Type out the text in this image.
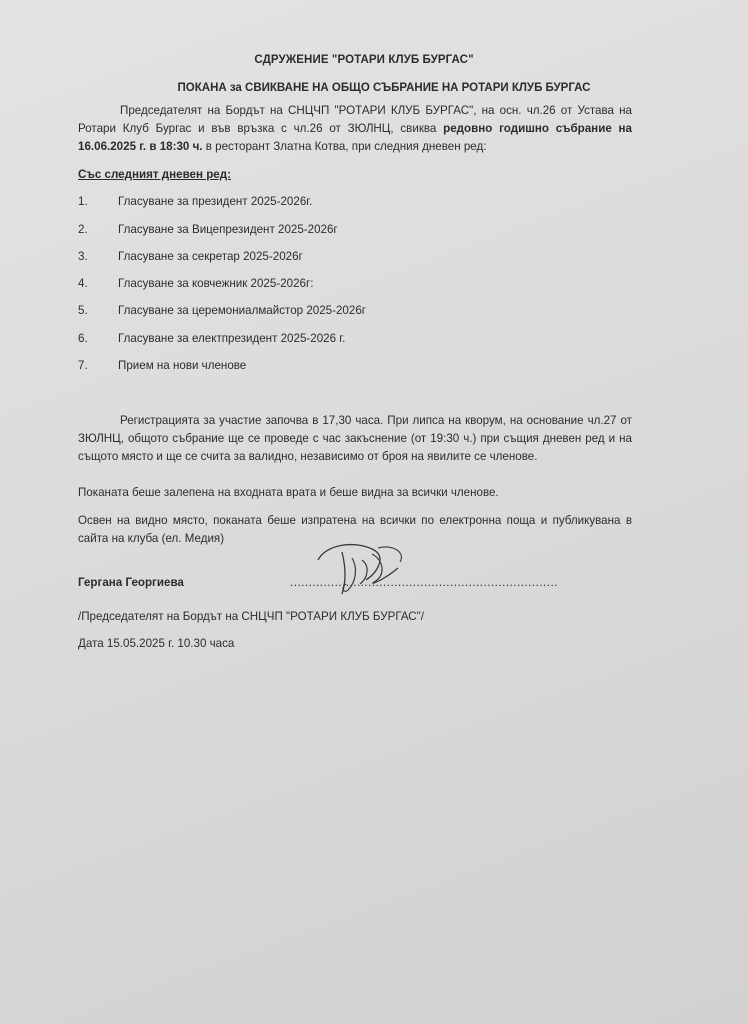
СДРУЖЕНИЕ "РОТАРИ КЛУБ БУРГАС"
ПОКАНА за СВИКВАНЕ НА ОБЩО СЪБРАНИЕ НА РОТАРИ КЛУБ БУРГАС

Председателят на Бордът на СНЦЧП "РОТАРИ КЛУБ БУРГАС", на осн. чл.26 от Устава на Ротари Клуб Бургас и във връзка с чл.26 от ЗЮЛНЦ, свиква редовно годишно събрание на 16.06.2025 г. в 18:30 ч. в ресторант Златна Котва, при следния дневен ред:

Със следният дневен ред:
1.	Гласуване за президент 2025-2026г.
2.	Гласуване за Вицепрезидент 2025-2026г
3.	Гласуване за секретар 2025-2026г
4.	Гласуване за ковчежник 2025-2026г:
5.	Гласуване за церемониалмайстор 2025-2026г
6.	Гласуване за електпрезидент 2025-2026 г.
7.	Прием на нови членове

Регистрацията за участие започва в 17,30 часа. При липса на кворум, на основание чл.27 от ЗЮЛНЦ, общото събрание ще се проведе с час закъснение (от 19:30 ч.) при същия дневен ред и на същото място и ще се счита за валидно, независимо от броя на явилите се членове.

Поканата беше залепена на входната врата и беше видна за всички членове.

Освен на видно място, поканата беше изпратена на всички по електронна поща и публикувана в сайта на клуба (ел. Медия)

Гергана Георгиева	........................................................................
/Председателят на Бордът на СНЦЧП "РОТАРИ КЛУБ БУРГАС"/
Дата 15.05.2025 г. 10.30 часа
